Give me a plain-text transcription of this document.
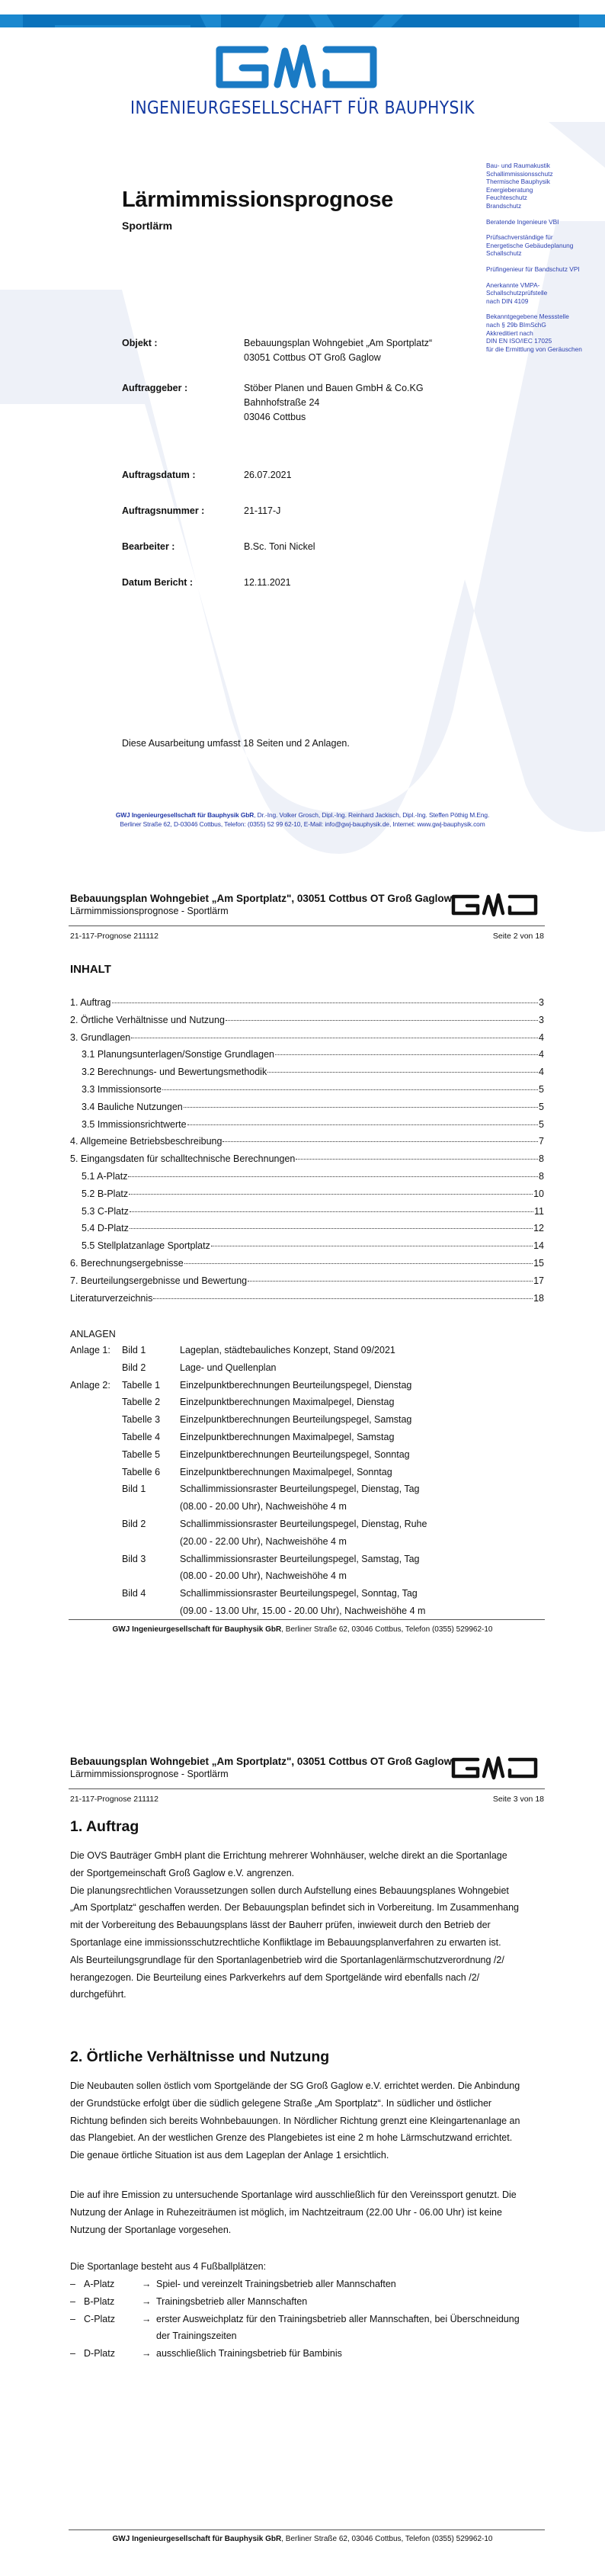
INGENIEURGESELLSCHAFT FÜR BAUPHYSIK
Lärmimmissionsprognose
Sportlärm
Bau- und Raumakustik
Schallimmissionsschutz
Thermische Bauphysik
Energieberatung
Feuchteschutz
Brandschutz
Beratende Ingenieure VBI
Prüfsachverständige für
Energetische Gebäudeplanung
Schallschutz
Prüfingenieur für Bandschutz VPI
Anerkannte VMPA-
Schallschutzprüfstelle
nach DIN 4109
Bekanntgegebene Messstelle
nach § 29b BImSchG
Akkreditiert nach
DIN EN ISO/IEC 17025
für die Ermittlung von Geräuschen
Objekt :	Bebauungsplan Wohngebiet „Am Sportplatz“
03051 Cottbus OT Groß Gaglow
Auftraggeber :	Stöber Planen und Bauen GmbH & Co.KG
Bahnhofstraße 24
03046 Cottbus
Auftragsdatum :	26.07.2021
Auftragsnummer :	21-117-J
Bearbeiter :	B.Sc. Toni Nickel
Datum Bericht :	12.11.2021
Diese Ausarbeitung umfasst 18 Seiten und 2 Anlagen.
GWJ Ingenieurgesellschaft für Bauphysik GbR, Dr.-Ing. Volker Grosch, Dipl.-Ing. Reinhard Jackisch, Dipl.-Ing. Steffen Pöthig M.Eng.
Berliner Straße 62, D-03046 Cottbus, Telefon: (0355) 52 99 62-10, E-Mail: info@gwj-bauphysik.de, Internet: www.gwj-bauphysik.com
Bebauungsplan Wohngebiet „Am Sportplatz", 03051 Cottbus OT Groß Gaglow
Lärmimmissionsprognose - Sportlärm
21-117-Prognose 211112	Seite 2 von 18
INHALT
1. Auftrag	3
2. Örtliche Verhältnisse und Nutzung	3
3. Grundlagen	4
3.1 Planungsunterlagen/Sonstige Grundlagen	4
3.2 Berechnungs- und Bewertungsmethodik	4
3.3 Immissionsorte	5
3.4 Bauliche Nutzungen	5
3.5 Immissionsrichtwerte	5
4. Allgemeine Betriebsbeschreibung	7
5. Eingangsdaten für schalltechnische Berechnungen	8
5.1 A-Platz	8
5.2 B-Platz	10
5.3 C-Platz	11
5.4 D-Platz	12
5.5 Stellplatzanlage Sportplatz	14
6. Berechnungsergebnisse	15
7. Beurteilungsergebnisse und Bewertung	17
Literaturverzeichnis	18
ANLAGEN
Anlage 1: Bild 1	Lageplan, städtebauliches Konzept, Stand 09/2021
Bild 2	Lage- und Quellenplan
Anlage 2: Tabelle 1 Einzelpunktberechnungen Beurteilungspegel, Dienstag
Tabelle 2 Einzelpunktberechnungen Maximalpegel, Dienstag
Tabelle 3 Einzelpunktberechnungen Beurteilungspegel, Samstag
Tabelle 4 Einzelpunktberechnungen Maximalpegel, Samstag
Tabelle 5 Einzelpunktberechnungen Beurteilungspegel, Sonntag
Tabelle 6 Einzelpunktberechnungen Maximalpegel, Sonntag
Bild 1	Schallimmissionsraster Beurteilungspegel, Dienstag, Tag
(08.00 - 20.00 Uhr), Nachweishöhe 4 m
Bild 2	Schallimmissionsraster Beurteilungspegel, Dienstag, Ruhe
(20.00 - 22.00 Uhr), Nachweishöhe 4 m
Bild 3	Schallimmissionsraster Beurteilungspegel, Samstag, Tag
(08.00 - 20.00 Uhr), Nachweishöhe 4 m
Bild 4	Schallimmissionsraster Beurteilungspegel, Sonntag, Tag
(09.00 - 13.00 Uhr, 15.00 - 20.00 Uhr), Nachweishöhe 4 m
GWJ Ingenieurgesellschaft für Bauphysik GbR, Berliner Straße 62, 03046 Cottbus, Telefon (0355) 529962-10
Bebauungsplan Wohngebiet „Am Sportplatz", 03051 Cottbus OT Groß Gaglow
Lärmimmissionsprognose - Sportlärm
21-117-Prognose 211112	Seite 3 von 18
1. Auftrag
Die OVS Bauträger GmbH plant die Errichtung mehrerer Wohnhäuser, welche direkt an die Sportanlage
der Sportgemeinschaft Groß Gaglow e.V. angrenzen.
Die planungsrechtlichen Voraussetzungen sollen durch Aufstellung eines Bebauungsplanes Wohngebiet
„Am Sportplatz“ geschaffen werden. Der Bebauungsplan befindet sich in Vorbereitung. Im Zusammenhang
mit der Vorbereitung des Bebauungsplans lässt der Bauherr prüfen, inwieweit durch den Betrieb der
Sportanlage eine immissionsschutzrechtliche Konfliktlage im Bebauungsplanverfahren zu erwarten ist.
Als Beurteilungsgrundlage für den Sportanlagenbetrieb wird die Sportanlagenlärmschutzverordnung /2/
herangezogen. Die Beurteilung eines Parkverkehrs auf dem Sportgelände wird ebenfalls nach /2/
durchgeführt.
2. Örtliche Verhältnisse und Nutzung
Die Neubauten sollen östlich vom Sportgelände der SG Groß Gaglow e.V. errichtet werden. Die Anbindung
der Grundstücke erfolgt über die südlich gelegene Straße „Am Sportplatz“. In südlicher und östlicher
Richtung befinden sich bereits Wohnbebauungen. In Nördlicher Richtung grenzt eine Kleingartenanlage an
das Plangebiet. An der westlichen Grenze des Plangebietes ist eine 2 m hohe Lärmschutzwand errichtet.
Die genaue örtliche Situation ist aus dem Lageplan der Anlage 1 ersichtlich.
Die auf ihre Emission zu untersuchende Sportanlage wird ausschließlich für den Vereinssport genutzt. Die
Nutzung der Anlage in Ruhezeiträumen ist möglich, im Nachtzeitraum (22.00 Uhr - 06.00 Uhr) ist keine
Nutzung der Sportanlage vorgesehen.
Die Sportanlage besteht aus 4 Fußballplätzen:
– A-Platz	→ Spiel- und vereinzelt Trainingsbetrieb aller Mannschaften
– B-Platz	→ Trainingsbetrieb aller Mannschaften
– C-Platz	→ erster Ausweichplatz für den Trainingsbetrieb aller Mannschaften, bei Überschneidung
der Trainingszeiten
– D-Platz	→ ausschließlich Trainingsbetrieb für Bambinis
GWJ Ingenieurgesellschaft für Bauphysik GbR, Berliner Straße 62, 03046 Cottbus, Telefon (0355) 529962-10
